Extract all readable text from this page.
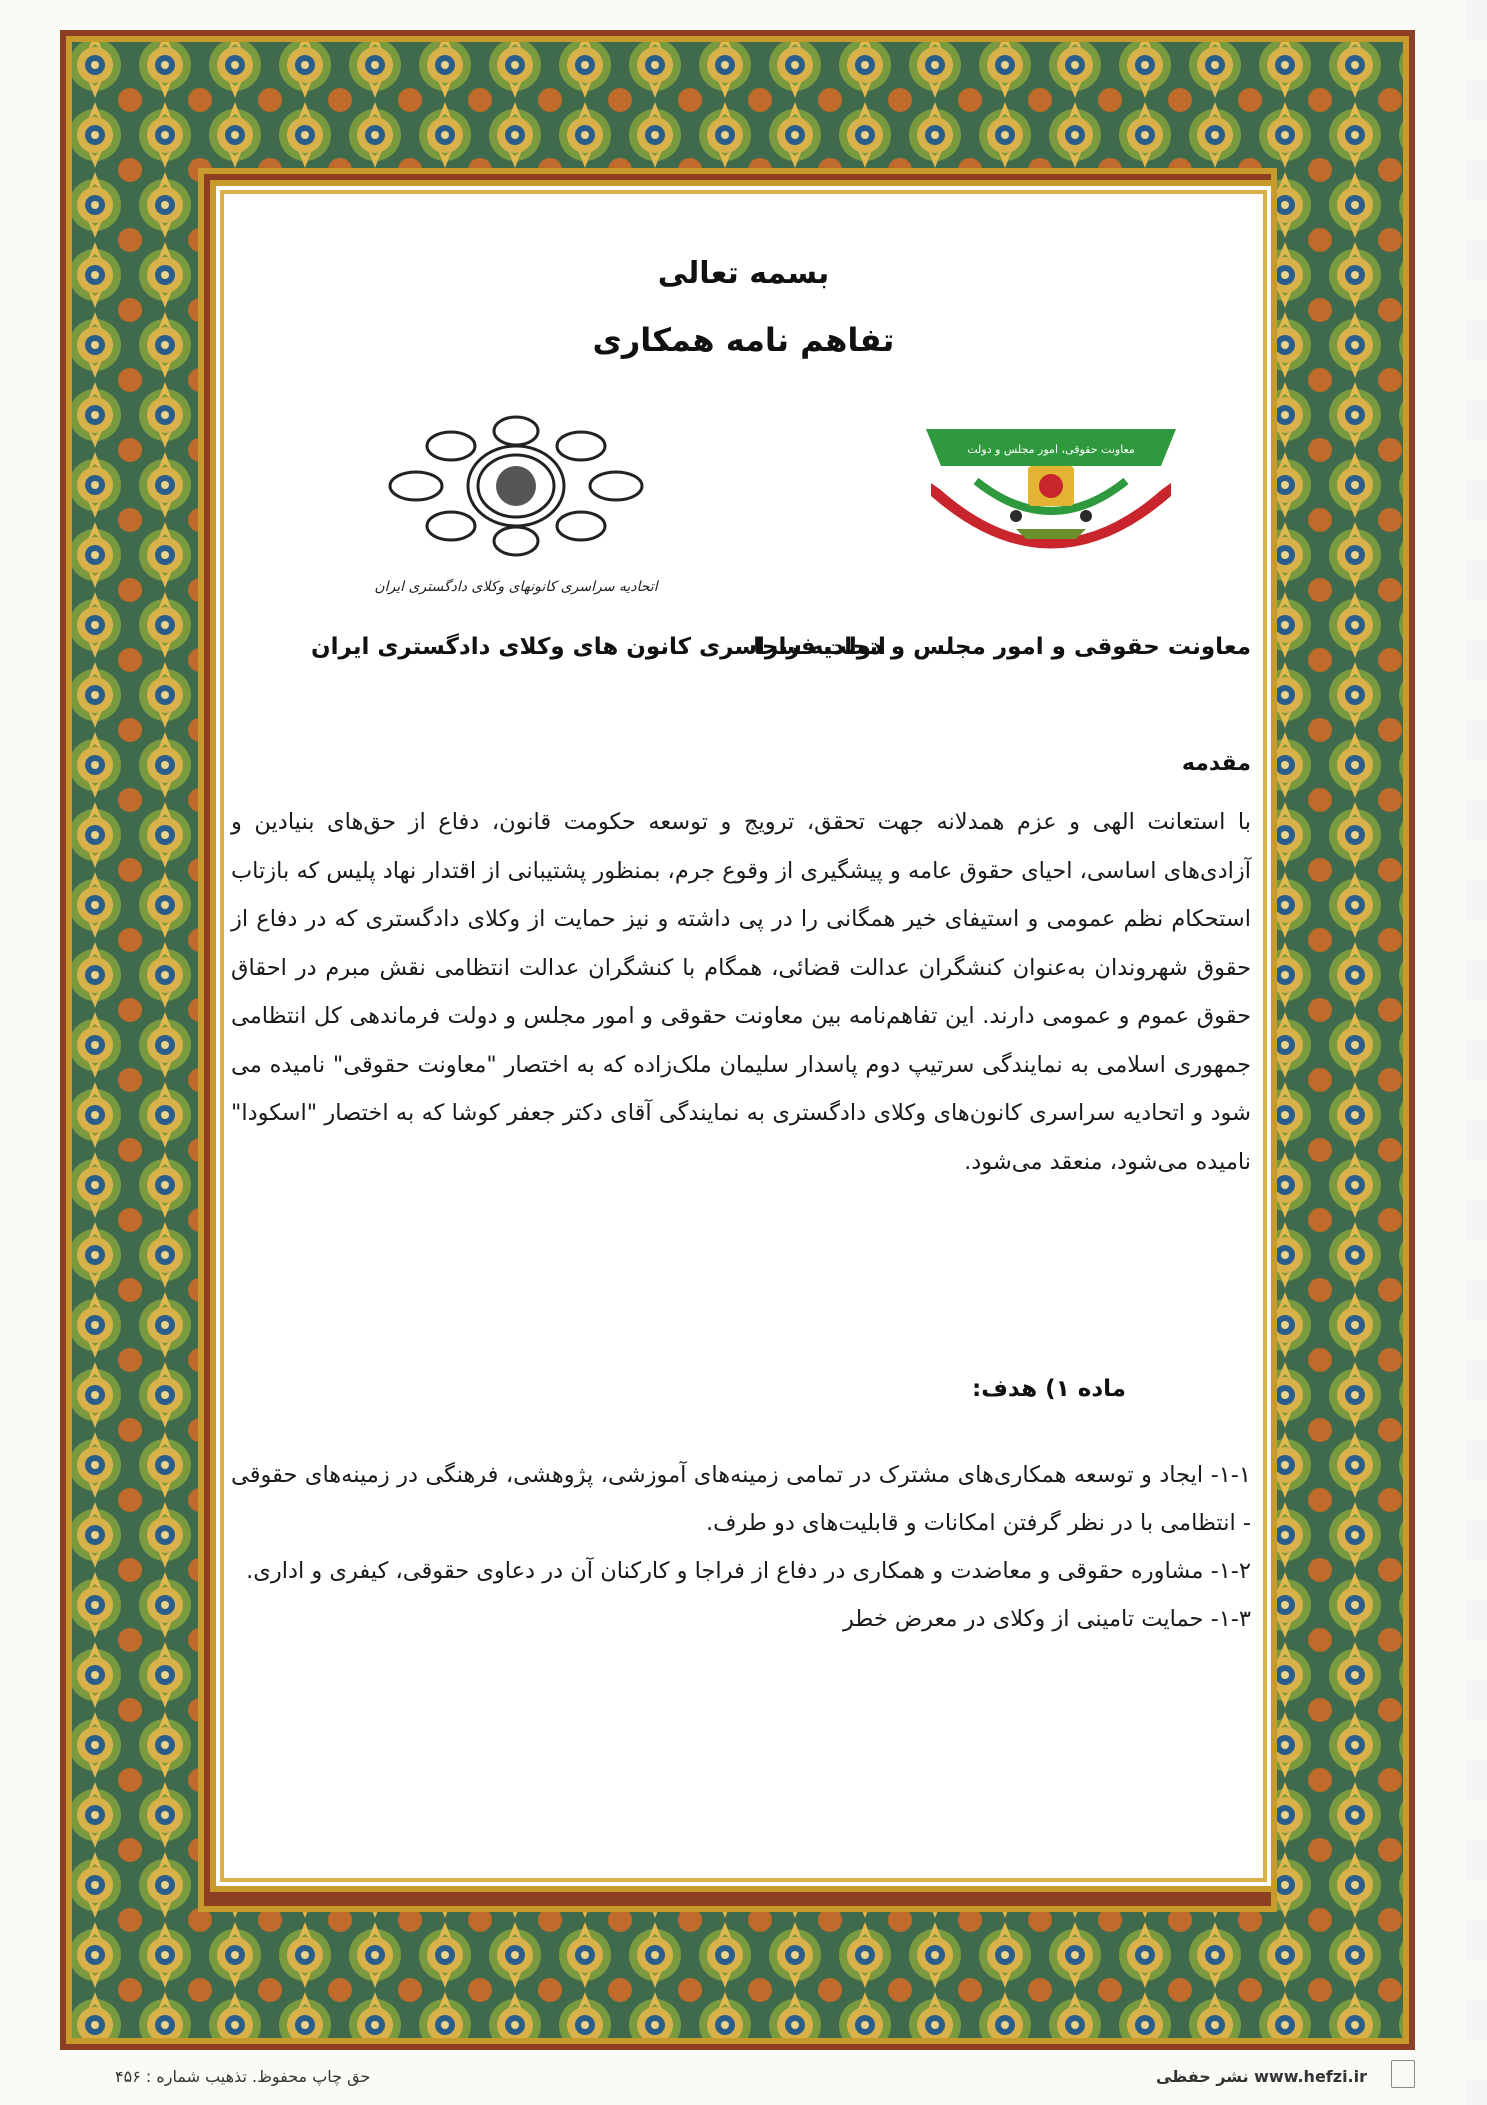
بسمه تعالی
تفاهم نامه همکاری
معاونت حقوقی، امور مجلس و دولت
اتحادیه سراسری کانونهای وکلای دادگستری ایران
معاونت حقوقی و امور مجلس و دولت فراجا
اتحادیه سراسری کانون های وکلای دادگستری ایران
مقدمه
با استعانت الهی و عزم همدلانه جهت تحقق، ترویج و توسعه حکومت قانون، دفاع از حق‌های بنیادین و آزادی‌های اساسی، احیای حقوق عامه و پیشگیری از وقوع جرم، بمنظور پشتیبانی از اقتدار نهاد پلیس که بازتاب استحکام نظم عمومی و استیفای خیر همگانی را در پی داشته و نیز حمایت از وکلای دادگستری که در دفاع از حقوق شهروندان به‌عنوان کنشگران عدالت قضائی، همگام با کنشگران عدالت انتظامی نقش مبرم در احقاق حقوق عموم و عمومی دارند. این تفاهم‌نامه بین معاونت حقوقی و امور مجلس و دولت فرماندهی کل انتظامی جمهوری اسلامی به نمایندگی سرتیپ دوم پاسدار سلیمان ملک‌زاده که به اختصار "معاونت حقوقی" نامیده می شود و اتحادیه سراسری کانون‌های وکلای دادگستری به نمایندگی آقای دکتر جعفر کوشا که به اختصار "اسکودا" نامیده می‌شود، منعقد می‌شود.
ماده ۱) هدف:

۱-۱- ایجاد و توسعه همکاری‌های مشترک در تمامی زمینه‌های آموزشی، پژوهشی، فرهنگی در زمینه‌های حقوقی - انتظامی با در نظر گرفتن امکانات و قابلیت‌های دو طرف.

۱-۲- مشاوره حقوقی و معاضدت و همکاری در دفاع از فراجا و کارکنان آن در دعاوی حقوقی، کیفری و اداری.

۱-۳- حمایت تامینی از وکلای در معرض خطر

حق چاپ محفوظ. تذهیب شماره : ۴۵۶	نشر حفظی www.hefzi.ir
